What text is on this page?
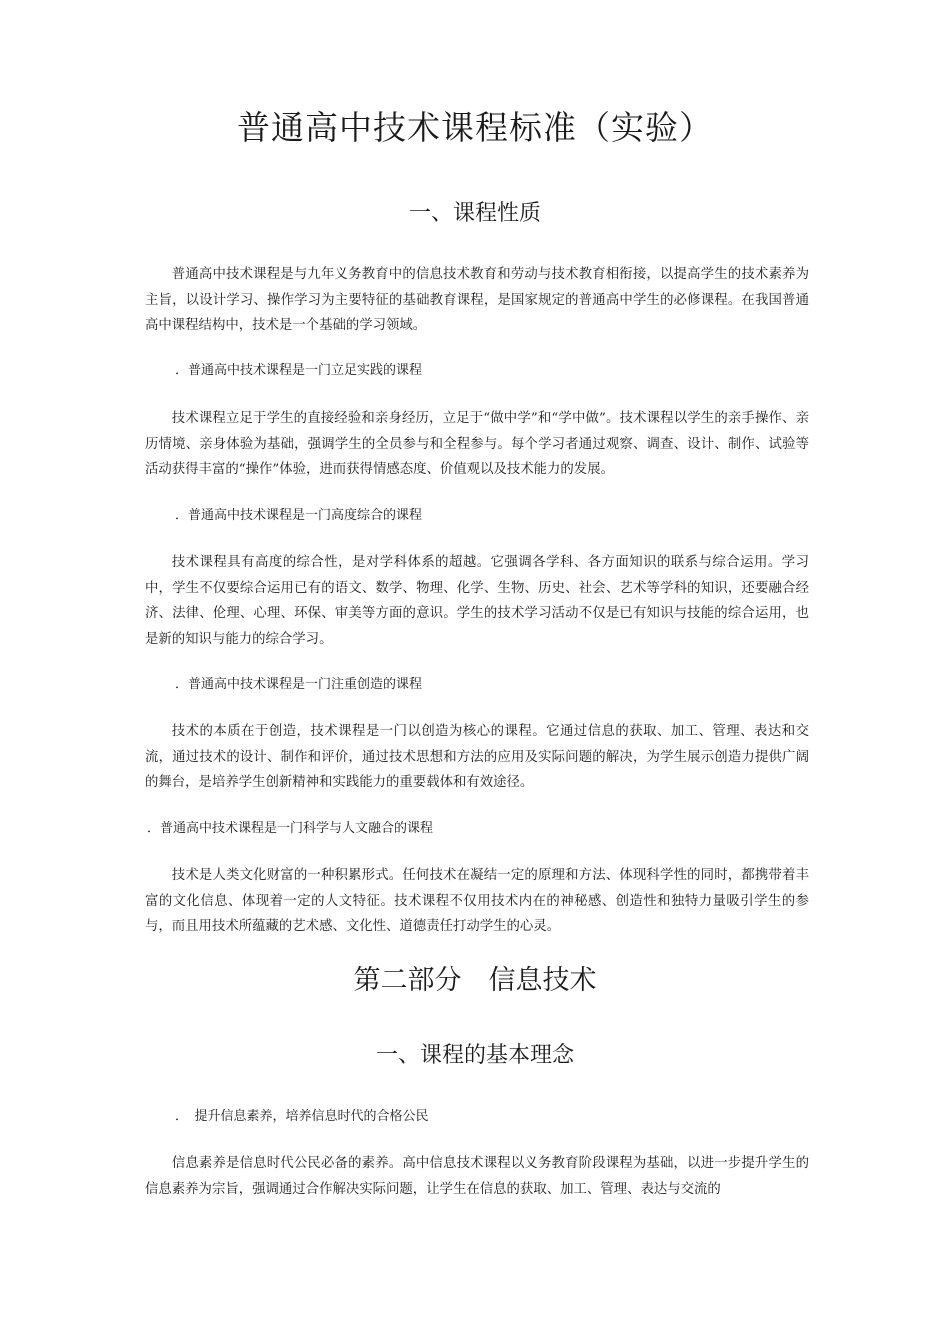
普通高中技术课程标准（实验）
一、课程性质

普通高中技术课程是与九年义务教育中的信息技术教育和劳动与技术教育相衔接，以提高学生的技术素养为主旨，以设计学习、操作学习为主要特征的基础教育课程，是国家规定的普通高中学生的必修课程。在我国普通高中课程结构中，技术是一个基础的学习领域。

．普通高中技术课程是一门立足实践的课程

技术课程立足于学生的直接经验和亲身经历，立足于“做中学”和“学中做”。技术课程以学生的亲手操作、亲历情境、亲身体验为基础，强调学生的全员参与和全程参与。每个学习者通过观察、调查、设计、制作、试验等活动获得丰富的“操作”体验，进而获得情感态度、价值观以及技术能力的发展。

．普通高中技术课程是一门高度综合的课程

技术课程具有高度的综合性，是对学科体系的超越。它强调各学科、各方面知识的联系与综合运用。学习中，学生不仅要综合运用已有的语文、数学、物理、化学、生物、历史、社会、艺术等学科的知识，还要融合经济、法律、伦理、心理、环保、审美等方面的意识。学生的技术学习活动不仅是已有知识与技能的综合运用，也是新的知识与能力的综合学习。

．普通高中技术课程是一门注重创造的课程

技术的本质在于创造，技术课程是一门以创造为核心的课程。它通过信息的获取、加工、管理、表达和交流，通过技术的设计、制作和评价，通过技术思想和方法的应用及实际问题的解决，为学生展示创造力提供广阔的舞台，是培养学生创新精神和实践能力的重要载体和有效途径。

．普通高中技术课程是一门科学与人文融合的课程

技术是人类文化财富的一种积累形式。任何技术在凝结一定的原理和方法、体现科学性的同时，都携带着丰富的文化信息、体现着一定的人文特征。技术课程不仅用技术内在的神秘感、创造性和独特力量吸引学生的参与，而且用技术所蕴藏的艺术感、文化性、道德责任打动学生的心灵。

第二部分　信息技术
一、课程的基本理念

．　提升信息素养，培养信息时代的合格公民

信息素养是信息时代公民必备的素养。高中信息技术课程以义务教育阶段课程为基础，以进一步提升学生的信息素养为宗旨，强调通过合作解决实际问题，让学生在信息的获取、加工、管理、表达与交流的
